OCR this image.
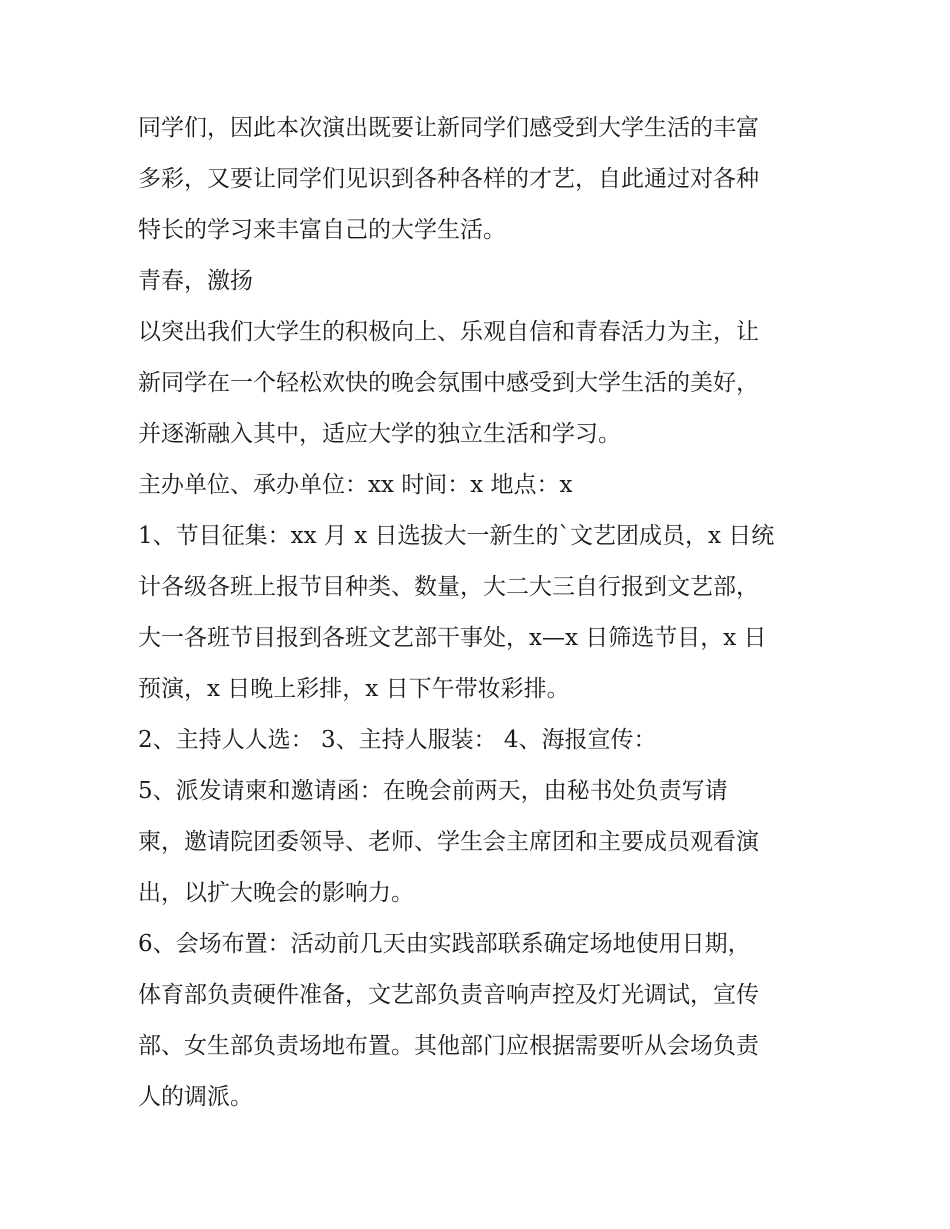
同学们，因此本次演出既要让新同学们感受到大学生活的丰富
多彩，又要让同学们见识到各种各样的才艺，自此通过对各种
特长的学习来丰富自己的大学生活。
青春，激扬
以突出我们大学生的积极向上、乐观自信和青春活力为主，让
新同学在一个轻松欢快的晚会氛围中感受到大学生活的美好，
并逐渐融入其中，适应大学的独立生活和学习。
主办单位、承办单位：xx 时间：x 地点：x
1、节目征集：xx 月 x 日选拔大一新生的`文艺团成员，x 日统
计各级各班上报节目种类、数量，大二大三自行报到文艺部，
大一各班节目报到各班文艺部干事处，x—x 日筛选节目，x 日
预演，x 日晚上彩排，x 日下午带妆彩排。
2、主持人人选： 3、主持人服装： 4、海报宣传：
5、派发请柬和邀请函：在晚会前两天，由秘书处负责写请
柬，邀请院团委领导、老师、学生会主席团和主要成员观看演
出，以扩大晚会的影响力。
6、会场布置：活动前几天由实践部联系确定场地使用日期，
体育部负责硬件准备，文艺部负责音响声控及灯光调试，宣传
部、女生部负责场地布置。其他部门应根据需要听从会场负责
人的调派。
